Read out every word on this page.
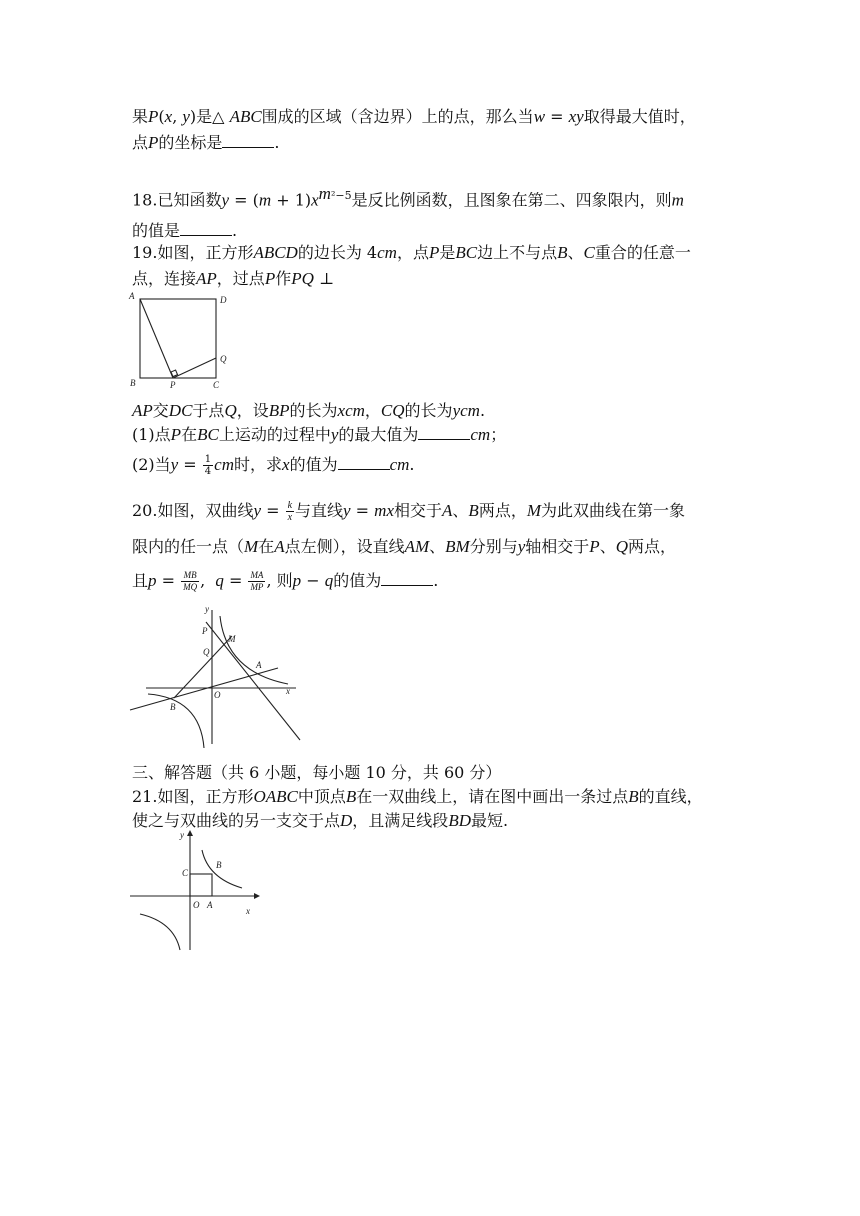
果P(x, y)是△ ABC围成的区域（含边界）上的点，那么当w = xy取得最大值时，
点P的坐标是	.
18.已知函数$y = (m + 1)x^{m^2-5}$是反比例函数，且图象在第二、四象限内，则m
的值是	.
19.如图，正方形ABCD的边长为 4cm，点P是BC边上不与点B、C重合的任意一
点，连接AP，过点P作PQ ⊥
A	D
Q
B	P	C
AP交DC于点Q，设BP的长为xcm，CQ的长为ycm.
(1)点P在BC上运动的过程中y的最大值为	cm；
(2)当$y = \frac{1}{4}$ cm时，求x的值为	cm.
20.如图，双曲线$y = \frac{k}{x}$ 与直线y = mx相交于A、B两点，M为此双曲线在第一象
限内的任一点（M在A点左侧），设直线AM、BM分别与y轴相交于P、Q两点，
且$p = \frac{MB}{MQ}$ ,  $q = \frac{MA}{MP}$ , 则p − q的值为	.
y
P
M
Q
A
O	x
B
三、解答题（共 6 小题，每小题 10 分，共 60 分）
21.如图，正方形OABC中顶点B在一双曲线上，请在图中画出一条过点B的直线，
使之与双曲线的另一支交于点D，且满足线段BD最短.
y
C
B
O A
x
